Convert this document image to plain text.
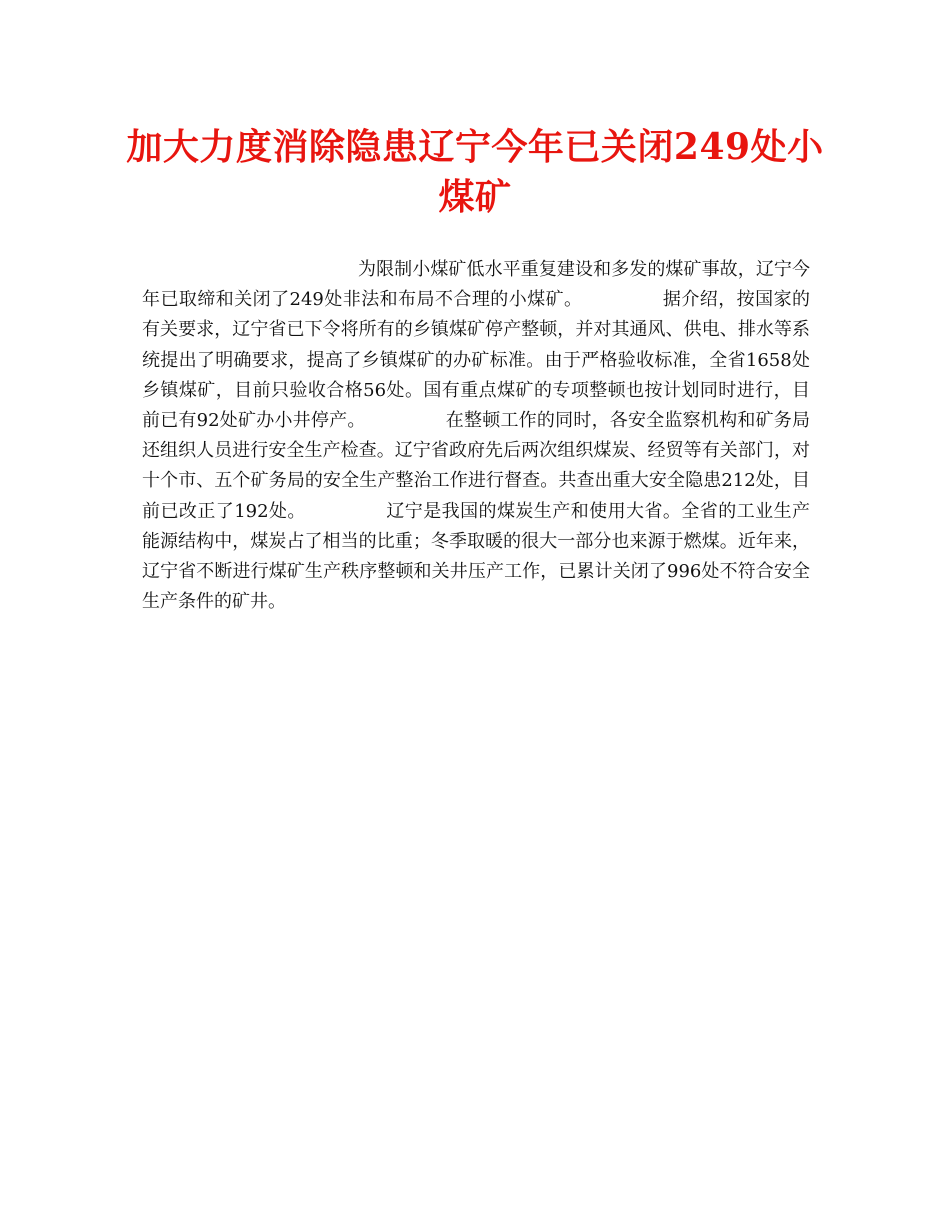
加大力度消除隐患辽宁今年已关闭249处小煤矿

为限制小煤矿低水平重复建设和多发的煤矿事故，辽宁今年已取缔和关闭了249处非法和布局不合理的小煤矿。	据介绍，按国家的有关要求，辽宁省已下令将所有的乡镇煤矿停产整顿，并对其通风、供电、排水等系统提出了明确要求，提高了乡镇煤矿的办矿标准。由于严格验收标准，全省1658处乡镇煤矿，目前只验收合格56处。国有重点煤矿的专项整顿也按计划同时进行，目前已有92处矿办小井停产。	在整顿工作的同时，各安全监察机构和矿务局还组织人员进行安全生产检查。辽宁省政府先后两次组织煤炭、经贸等有关部门，对十个市、五个矿务局的安全生产整治工作进行督查。共查出重大安全隐患212处，目前已改正了192处。	辽宁是我国的煤炭生产和使用大省。全省的工业生产能源结构中，煤炭占了相当的比重；冬季取暖的很大一部分也来源于燃煤。近年来，辽宁省不断进行煤矿生产秩序整顿和关井压产工作，已累计关闭了996处不符合安全生产条件的矿井。
